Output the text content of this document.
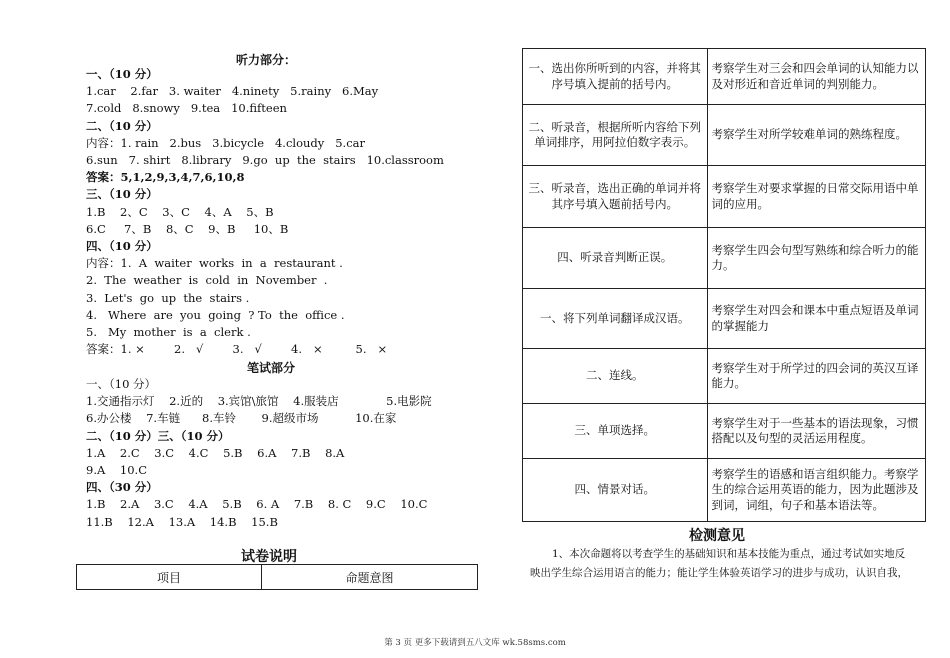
听力部分：
一、（10 分）
1.car    2.far   3. waiter   4.ninety   5.rainy   6.May
7.cold   8.snowy   9.tea   10.fifteen
二、（10 分）
内容：1. rain   2.bus   3.bicycle   4.cloudy   5.car
6.sun   7. shirt   8.library   9.go  up  the  stairs   10.classroom
答案：5,1,2,9,3,4,7,6,10,8
三、（10 分）
1.B    2、C    3、C    4、A    5、B
6.C     7、B    8、C    9、B     10、B
四、（10 分）
内容：1.  A  waiter  works  in  a  restaurant .
2.  The  weather  is  cold  in  November  .
3.  Let's  go  up  the  stairs .
4.   Where  are  you  going  ? To  the  office .
5.   My  mother  is  a  clerk .
答案：1. ×        2.   √        3.   √        4.   ×         5.   ×
笔试部分
一、（10 分）
1.交通指示灯    2.近的    3.宾馆\旅馆    4.服装店             5.电影院
6.办公楼    7.车链      8.车铃       9.超级市场          10.在家
二、（10 分）三、（10 分）
1.A    2.C    3.C    4.C    5.B    6.A    7.B    8.A
9.A    10.C
四、（30 分）
1.B    2.A    3.C    4.A    5.B    6. A    7.B    8. C    9.C    10.C
11.B    12.A    13.A    14.B    15.B
试卷说明
项目	命题意图
一、选出你所听到的内容，并将其序号填入提前的括号内。	考察学生对三会和四会单词的认知能力以及对形近和音近单词的判别能力。
二、听录音，根据所听内容给下列单词排序，用阿拉伯数字表示。	考察学生对所学较难单词的熟练程度。
三、听录音，选出正确的单词并将其序号填入题前括号内。	考察学生对要求掌握的日常交际用语中单词的应用。
四、听录音判断正误。	考察学生四会句型写熟练和综合听力的能力。
一、将下列单词翻译成汉语。	考察学生对四会和课本中重点短语及单词的掌握能力
二、连线。	考察学生对于所学过的四会词的英汉互译能力。
三、单项选择。	考察学生对于一些基本的语法现象，习惯搭配以及句型的灵活运用程度。
四、情景对话。	考察学生的语感和语言组织能力。考察学生的综合运用英语的能力，因为此题涉及到词，词组，句子和基本语法等。
检测意见
1、本次命题将以考查学生的基础知识和基本技能为重点，通过考试如实地反
映出学生综合运用语言的能力；能让学生体验英语学习的进步与成功，认识自我，
第 3 页 更多下载请到五八文库 wk.58sms.com
